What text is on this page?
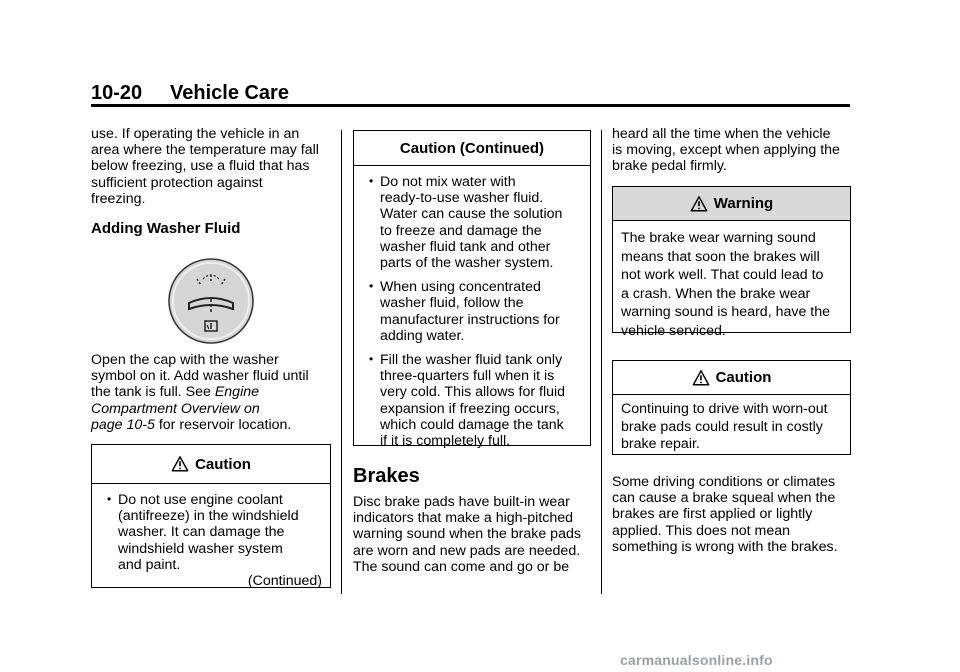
10-20 Vehicle Care

use. If operating the vehicle in an

area where the temperature may fall

below freezing, use a fluid that has

sufficient protection against

freezing.

Adding Washer Fluid

Open the cap with the washer

symbol on it. Add washer fluid until

the tank is full. See Engine

Compartment Overview on

page 10-5 for reservoir location.

Caution
• Do not use engine coolant

(antifreeze) in the windshield

washer. It can damage the

windshield washer system

and paint.

(Continued)
Caution (Continued)
• Do not mix water with

ready-to-use washer fluid.

Water can cause the solution

to freeze and damage the

washer fluid tank and other

parts of the washer system.

• When using concentrated

washer fluid, follow the

manufacturer instructions for

adding water.

• Fill the washer fluid tank only

three-quarters full when it is

very cold. This allows for fluid

expansion if freezing occurs,

which could damage the tank

if it is completely full.

Brakes

Disc brake pads have built-in wear

indicators that make a high-pitched

warning sound when the brake pads

are worn and new pads are needed.

The sound can come and go or be

heard all the time when the vehicle

is moving, except when applying the

brake pedal firmly.

Warning

The brake wear warning sound

means that soon the brakes will

not work well. That could lead to

a crash. When the brake wear

warning sound is heard, have the

vehicle serviced.

Caution

Continuing to drive with worn-out

brake pads could result in costly

brake repair.

Some driving conditions or climates

can cause a brake squeal when the

brakes are first applied or lightly

applied. This does not mean

something is wrong with the brakes.

carmanualsonline.info
